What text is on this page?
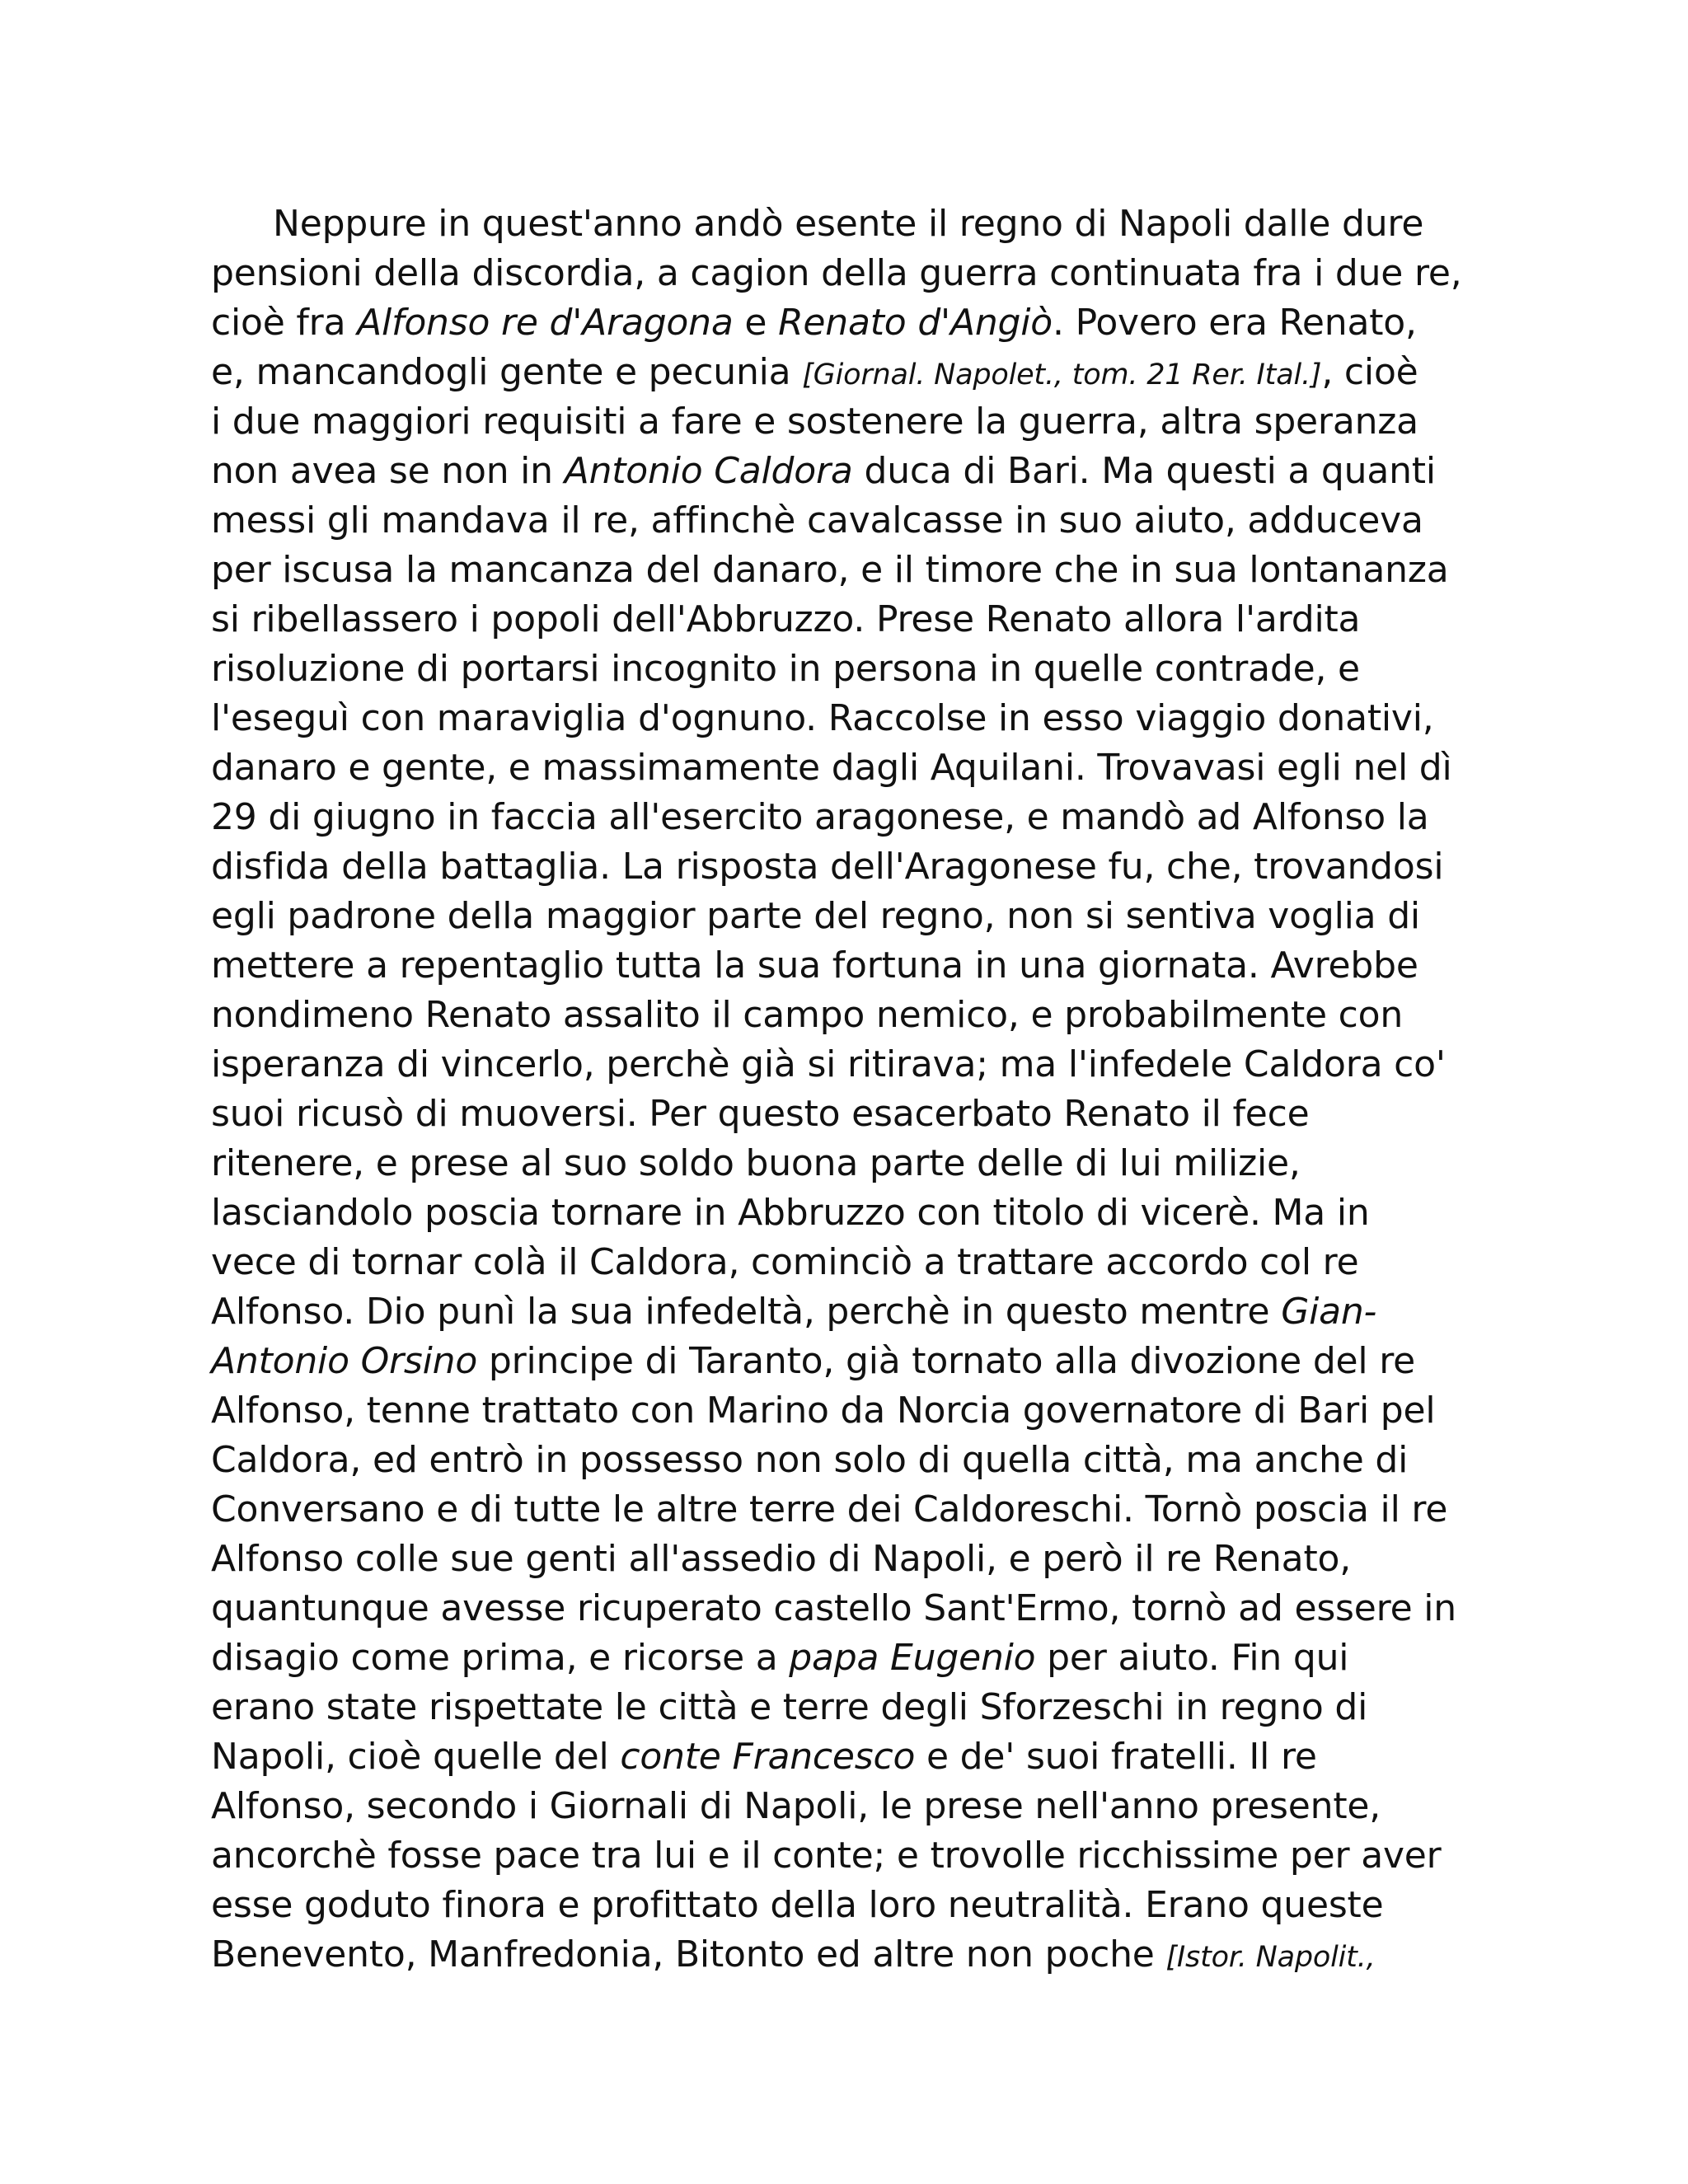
Neppure in quest'anno andò esente il regno di Napoli dalle dure
pensioni della discordia, a cagion della guerra continuata fra i due re,
cioè fra Alfonso re d'Aragona e Renato d'Angiò. Povero era Renato,
e, mancandogli gente e pecunia [Giornal. Napolet., tom. 21 Rer. Ital.], cioè
i due maggiori requisiti a fare e sostenere la guerra, altra speranza
non avea se non in Antonio Caldora duca di Bari. Ma questi a quanti
messi gli mandava il re, affinchè cavalcasse in suo aiuto, adduceva
per iscusa la mancanza del danaro, e il timore che in sua lontananza
si ribellassero i popoli dell'Abbruzzo. Prese Renato allora l'ardita
risoluzione di portarsi incognito in persona in quelle contrade, e
l'eseguì con maraviglia d'ognuno. Raccolse in esso viaggio donativi,
danaro e gente, e massimamente dagli Aquilani. Trovavasi egli nel dì
29 di giugno in faccia all'esercito aragonese, e mandò ad Alfonso la
disfida della battaglia. La risposta dell'Aragonese fu, che, trovandosi
egli padrone della maggior parte del regno, non si sentiva voglia di
mettere a repentaglio tutta la sua fortuna in una giornata. Avrebbe
nondimeno Renato assalito il campo nemico, e probabilmente con
isperanza di vincerlo, perchè già si ritirava; ma l'infedele Caldora co'
suoi ricusò di muoversi. Per questo esacerbato Renato il fece
ritenere, e prese al suo soldo buona parte delle di lui milizie,
lasciandolo poscia tornare in Abbruzzo con titolo di vicerè. Ma in
vece di tornar colà il Caldora, cominciò a trattare accordo col re
Alfonso. Dio punì la sua infedeltà, perchè in questo mentre Gian-
Antonio Orsino principe di Taranto, già tornato alla divozione del re
Alfonso, tenne trattato con Marino da Norcia governatore di Bari pel
Caldora, ed entrò in possesso non solo di quella città, ma anche di
Conversano e di tutte le altre terre dei Caldoreschi. Tornò poscia il re
Alfonso colle sue genti all'assedio di Napoli, e però il re Renato,
quantunque avesse ricuperato castello Sant'Ermo, tornò ad essere in
disagio come prima, e ricorse a papa Eugenio per aiuto. Fin qui
erano state rispettate le città e terre degli Sforzeschi in regno di
Napoli, cioè quelle del conte Francesco e de' suoi fratelli. Il re
Alfonso, secondo i Giornali di Napoli, le prese nell'anno presente,
ancorchè fosse pace tra lui e il conte; e trovolle ricchissime per aver
esse goduto finora e profittato della loro neutralità. Erano queste
Benevento, Manfredonia, Bitonto ed altre non poche [Istor. Napolit.,
